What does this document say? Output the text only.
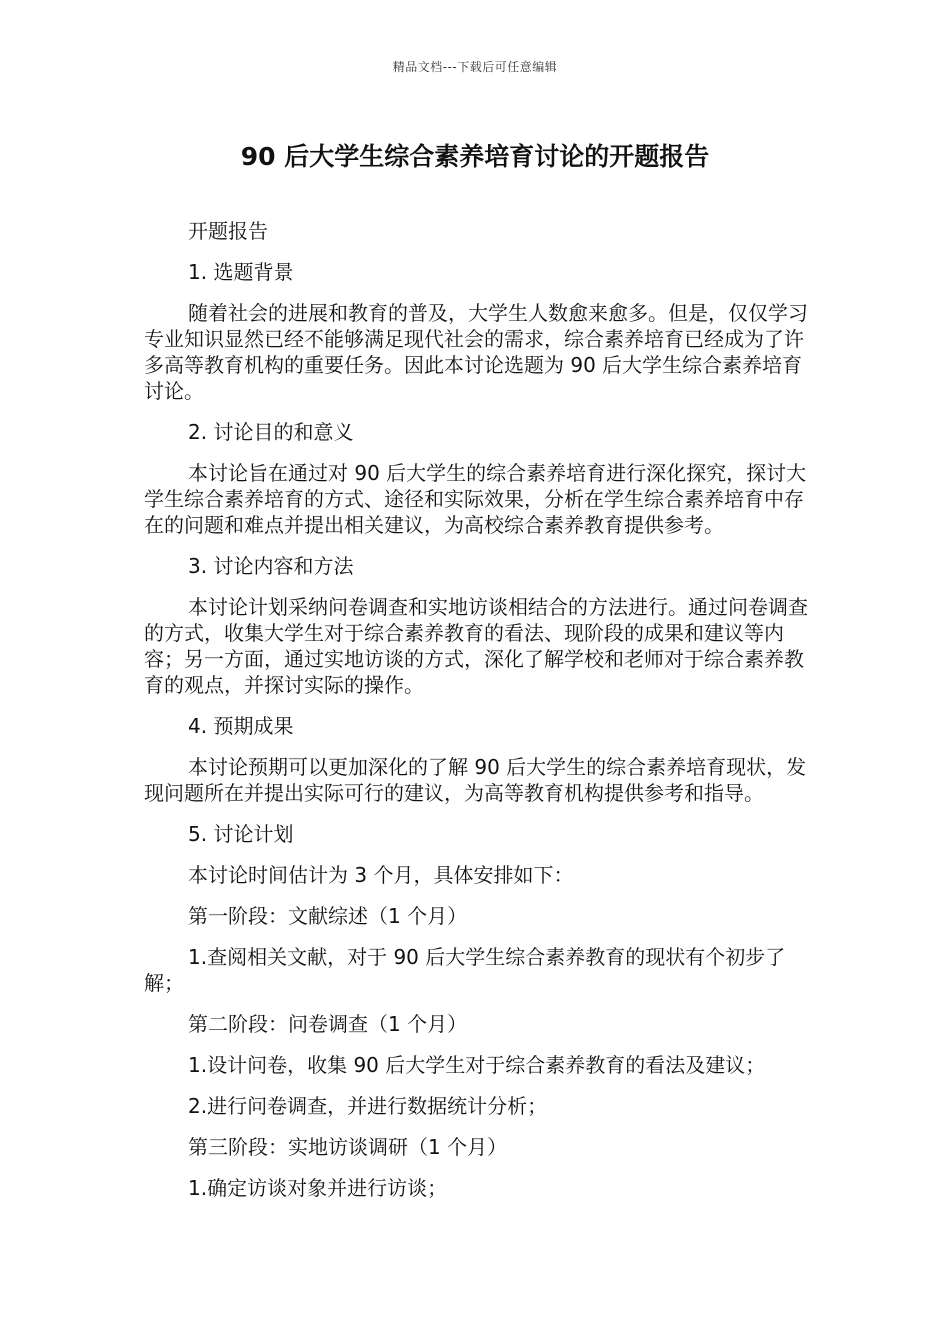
精品文档---下载后可任意编辑
90 后大学生综合素养培育讨论的开题报告

开题报告

1. 选题背景

随着社会的进展和教育的普及，大学生人数愈来愈多。但是，仅仅学习专业知识显然已经不能够满足现代社会的需求，综合素养培育已经成为了许多高等教育机构的重要任务。因此本讨论选题为 90 后大学生综合素养培育讨论。

2. 讨论目的和意义

本讨论旨在通过对 90 后大学生的综合素养培育进行深化探究，探讨大学生综合素养培育的方式、途径和实际效果，分析在学生综合素养培育中存在的问题和难点并提出相关建议，为高校综合素养教育提供参考。

3. 讨论内容和方法

本讨论计划采纳问卷调查和实地访谈相结合的方法进行。通过问卷调查的方式，收集大学生对于综合素养教育的看法、现阶段的成果和建议等内容；另一方面，通过实地访谈的方式，深化了解学校和老师对于综合素养教育的观点，并探讨实际的操作。

4. 预期成果

本讨论预期可以更加深化的了解 90 后大学生的综合素养培育现状，发现问题所在并提出实际可行的建议，为高等教育机构提供参考和指导。

5. 讨论计划

本讨论时间估计为 3 个月，具体安排如下：

第一阶段：文献综述（1 个月）

1.查阅相关文献，对于 90 后大学生综合素养教育的现状有个初步了解；

第二阶段：问卷调查（1 个月）

1.设计问卷，收集 90 后大学生对于综合素养教育的看法及建议；

2.进行问卷调查，并进行数据统计分析；

第三阶段：实地访谈调研（1 个月）

1.确定访谈对象并进行访谈；
